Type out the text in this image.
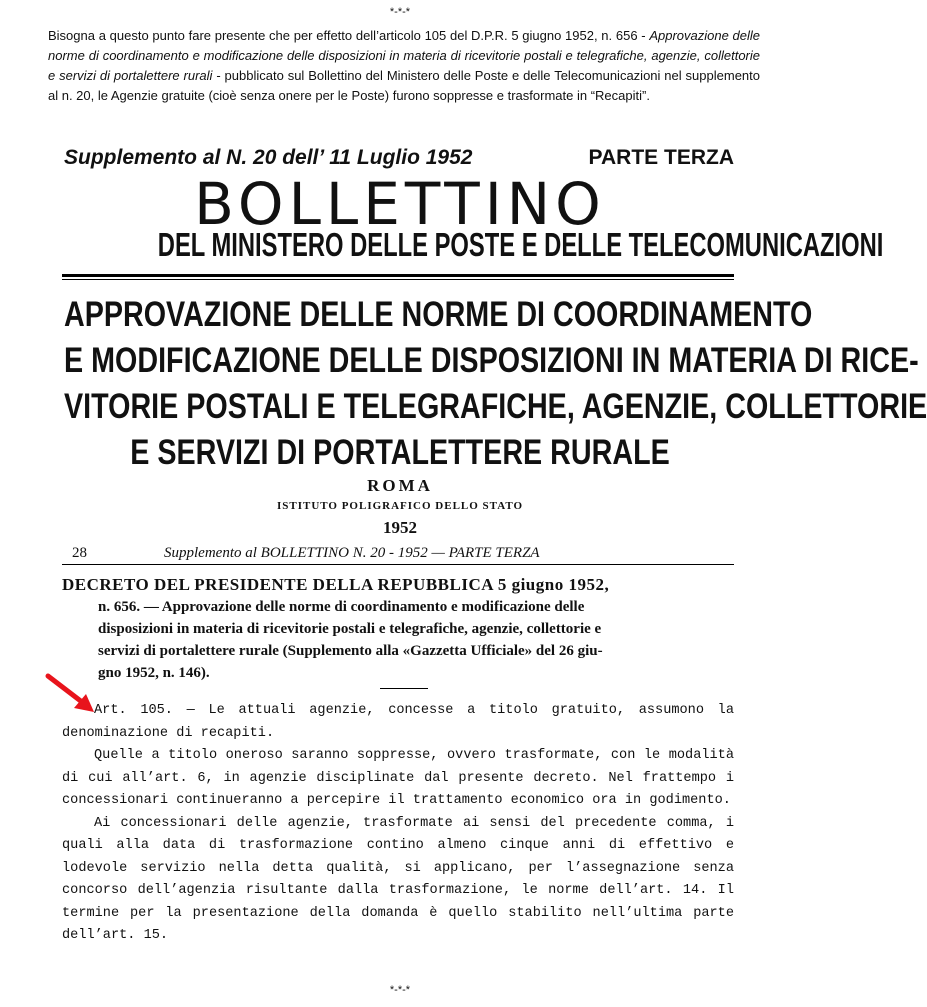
*-*-*
Bisogna a questo punto fare presente che per effetto dell’articolo 105 del D.P.R. 5 giugno 1952, n. 656 - Approvazione delle norme di coordinamento e modificazione delle disposizioni in materia di ricevitorie postali e telegrafiche, agenzie, collettorie e servizi di portalettere rurali - pubblicato sul Bollettino del Ministero delle Poste e delle Telecomunicazioni nel supplemento al n. 20, le Agenzie gratuite (cioè senza onere per le Poste) furono soppresse e trasformate in “Recapiti”.
Supplemento al N. 20 dell’ 11 Luglio 1952	PARTE TERZA
BOLLETTINO
DEL MINISTERO DELLE POSTE E DELLE TELECOMUNICAZIONI
APPROVAZIONE DELLE NORME DI COORDINAMENTO
E MODIFICAZIONE DELLE DISPOSIZIONI IN MATERIA DI RICE-
VITORIE POSTALI E TELEGRAFICHE, AGENZIE, COLLETTORIE
E SERVIZI DI PORTALETTERE RURALE
ROMA
ISTITUTO POLIGRAFICO DELLO STATO
1952
28	Supplemento al BOLLETTINO N. 20 - 1952 — PARTE TERZA
DECRETO DEL PRESIDENTE DELLA REPUBBLICA 5 giugno 1952,
n. 656. — Approvazione delle norme di coordinamento e modificazione delle
disposizioni in materia di ricevitorie postali e telegrafiche, agenzie, collettorie e
servizi di portalettere rurale (Supplemento alla «Gazzetta Ufficiale» del 26 giu-
gno 1952, n. 146).

Art. 105. — Le attuali agenzie, concesse a titolo gratuito, assumono la denominazione di recapiti.

Quelle a titolo oneroso saranno soppresse, ovvero trasformate, con le modalità di cui all’art. 6, in agenzie disciplinate dal presente decreto. Nel frattempo i concessionari continueranno a percepire il trattamento economico ora in godimento.

Ai concessionari delle agenzie, trasformate ai sensi del precedente comma, i quali alla data di trasformazione contino almeno cinque anni di effettivo e lodevole servizio nella detta qualità, si applicano, per l’assegnazione senza concorso dell’agenzia risultante dalla trasformazione, le norme dell’art. 14. Il termine per la presentazione della domanda è quello stabilito nell’ultima parte dell’art. 15.

*-*-*
